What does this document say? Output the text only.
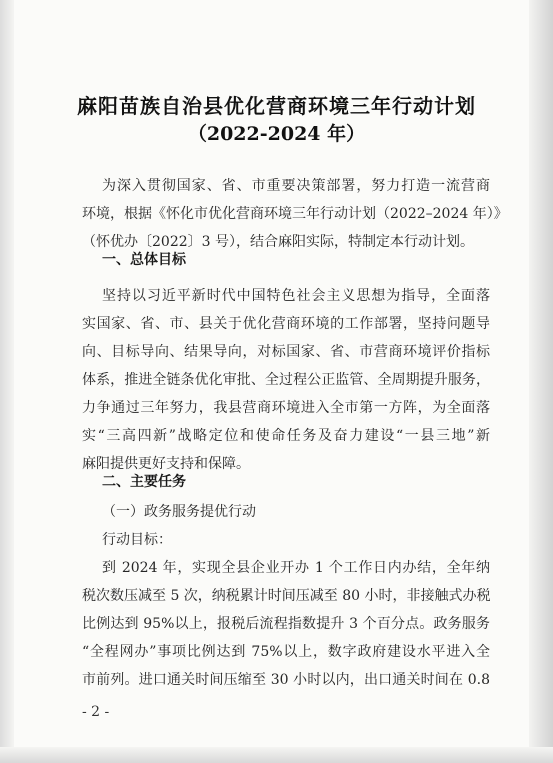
麻阳苗族自治县优化营商环境三年行动计划
（2022-2024 年）
为深入贯彻国家、省、市重要决策部署，努力打造一流营商
环境，根据《怀化市优化营商环境三年行动计划（2022–2024 年）》
（怀优办〔2022〕3 号），结合麻阳实际，特制定本行动计划。
一、总体目标
坚持以习近平新时代中国特色社会主义思想为指导，全面落
实国家、省、市、县关于优化营商环境的工作部署，坚持问题导
向、目标导向、结果导向，对标国家、省、市营商环境评价指标
体系，推进全链条优化审批、全过程公正监管、全周期提升服务，
力争通过三年努力，我县营商环境进入全市第一方阵，为全面落
实“三高四新”战略定位和使命任务及奋力建设“一县三地”新
麻阳提供更好支持和保障。
二、主要任务
（一）政务服务提优行动
行动目标：
到 2024 年，实现全县企业开办 1 个工作日内办结，全年纳
税次数压减至 5 次，纳税累计时间压减至 80 小时，非接触式办税
比例达到 95%以上，报税后流程指数提升 3 个百分点。政务服务
“全程网办”事项比例达到 75%以上，数字政府建设水平进入全
市前列。进口通关时间压缩至 30 小时以内，出口通关时间在 0.8
- 2 -
